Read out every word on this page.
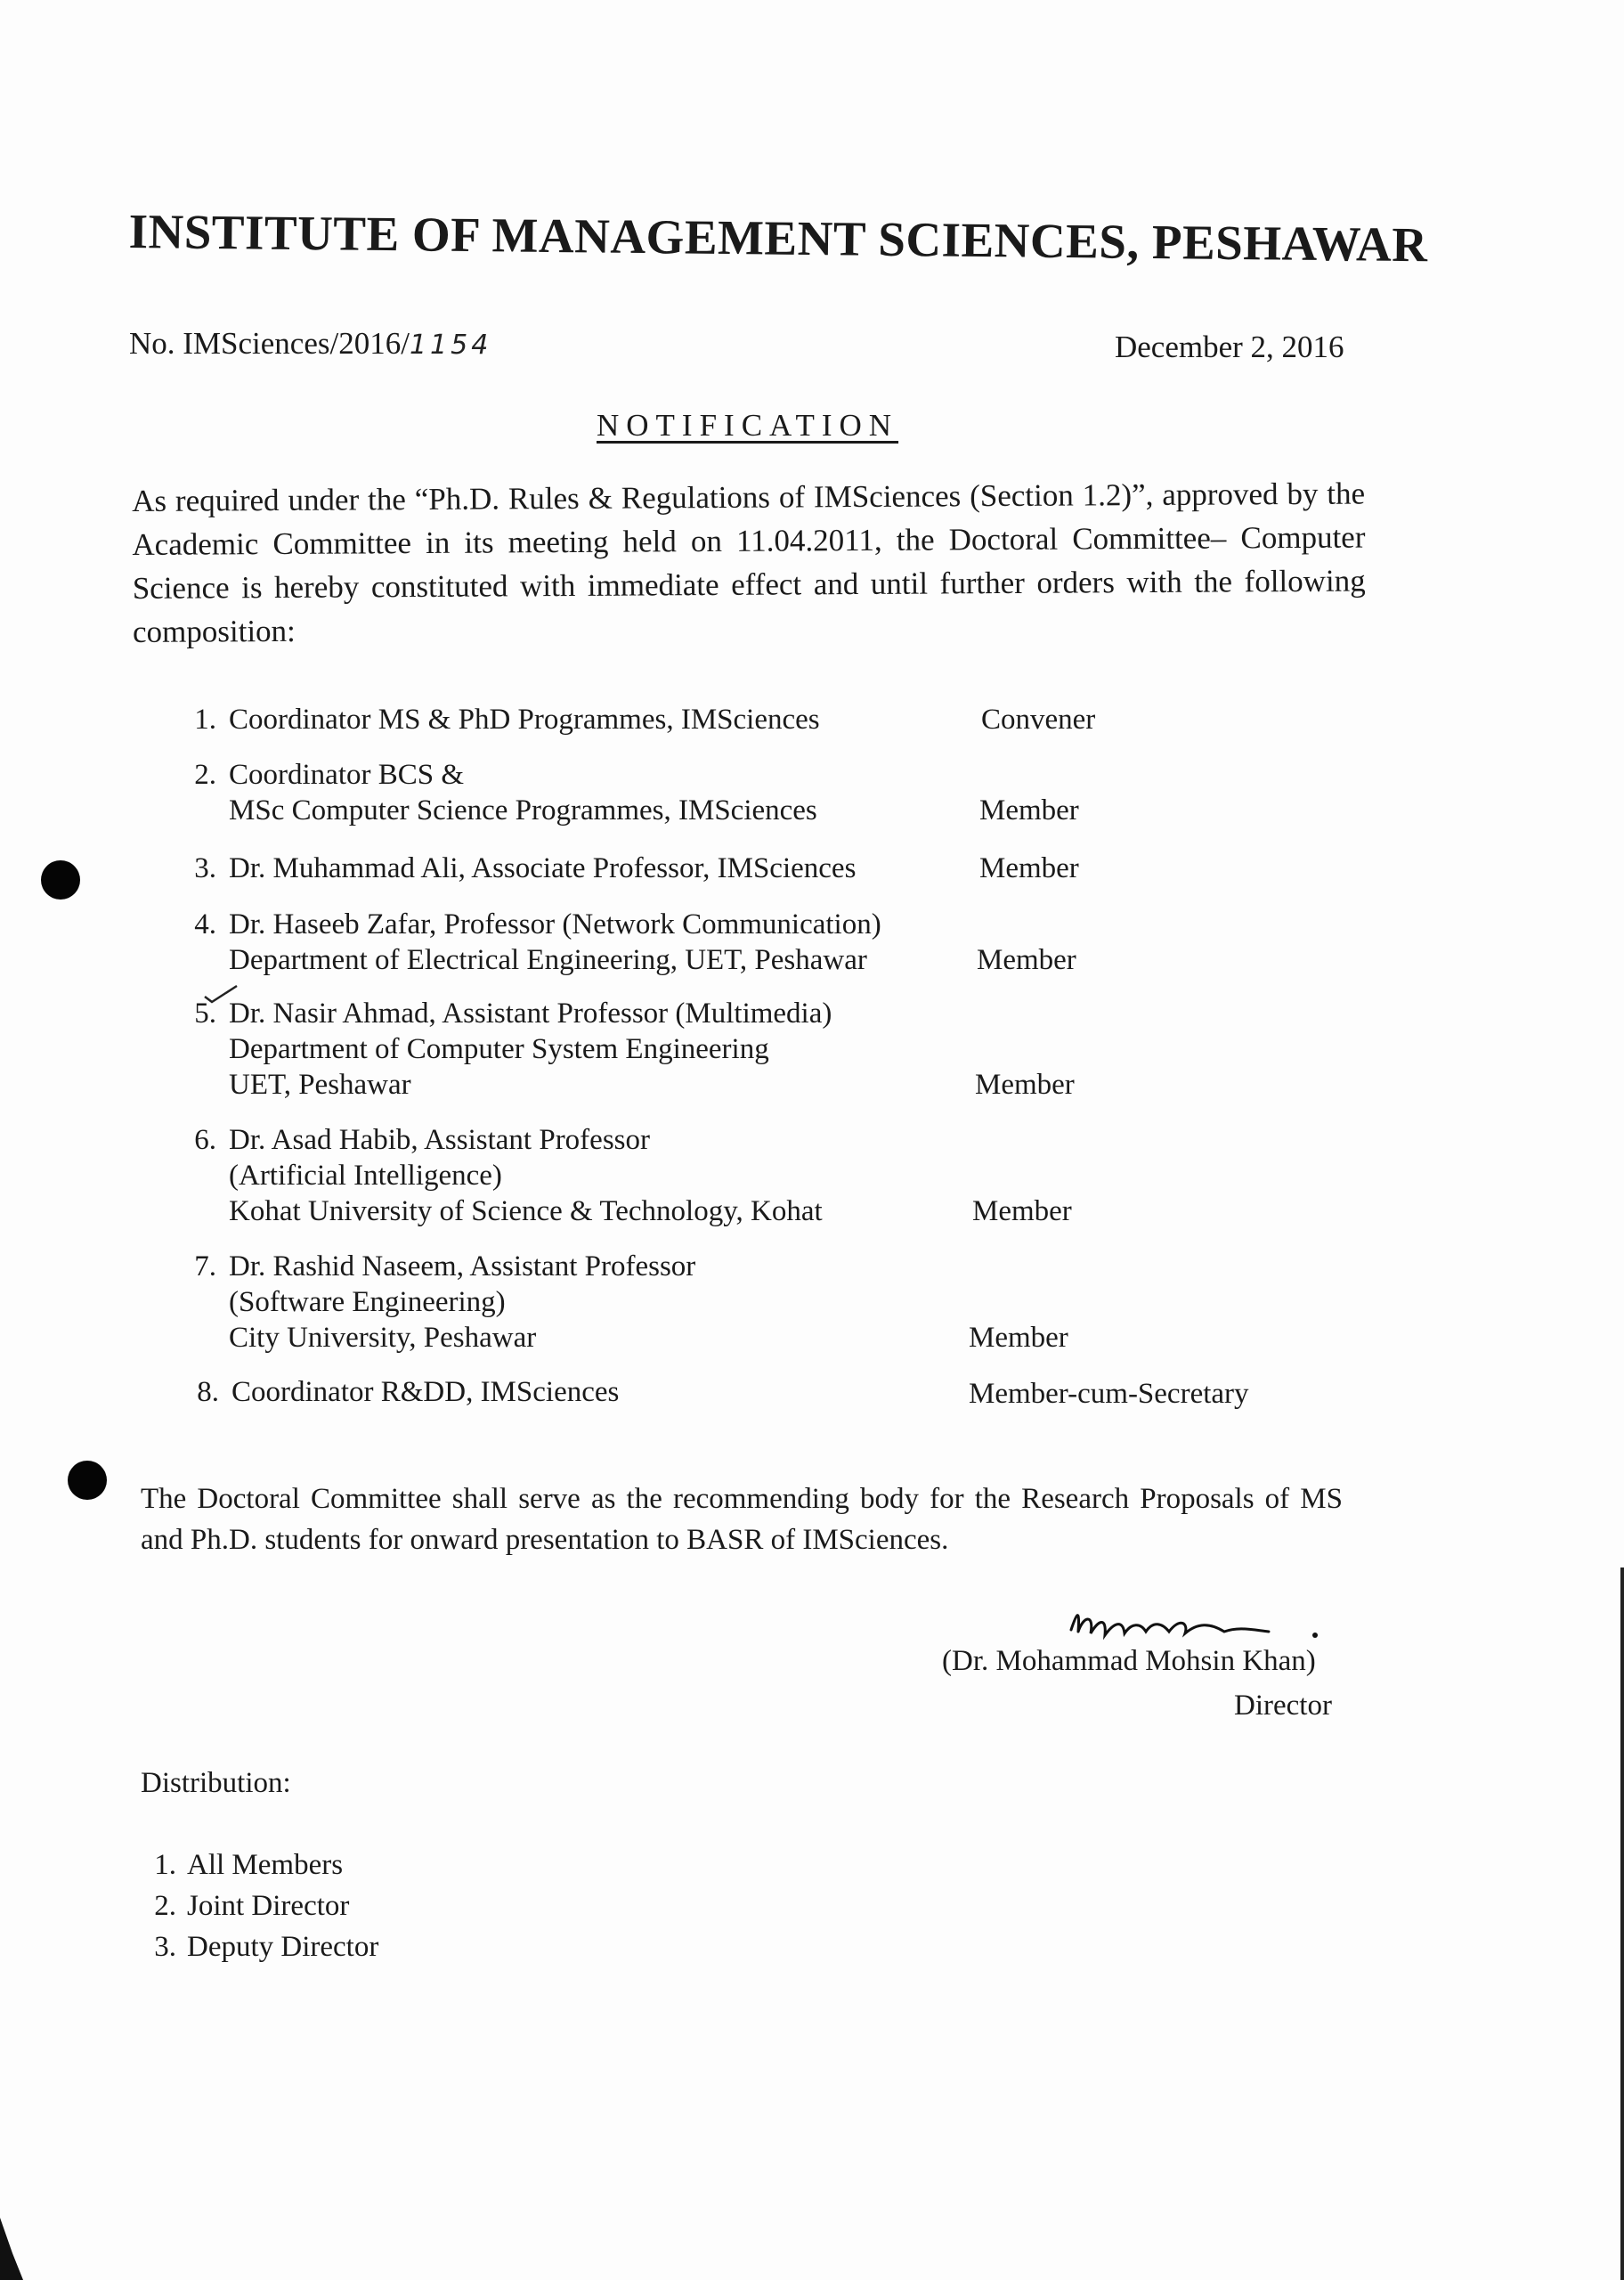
INSTITUTE OF MANAGEMENT SCIENCES, PESHAWAR
No. IMSciences/2016/1154	December 2, 2016
NOTIFICATION
As required under the “Ph.D. Rules & Regulations of IMSciences (Section 1.2)”, approved by the Academic Committee in its meeting held on 11.04.2011, the Doctoral Committee– Computer Science is hereby constituted with immediate effect and until further orders with the following composition:
1. Coordinator MS & PhD Programmes, IMSciences	Convener
2. Coordinator BCS &
MSc Computer Science Programmes, IMSciences	Member
3. Dr. Muhammad Ali, Associate Professor, IMSciences	Member
4. Dr. Haseeb Zafar, Professor (Network Communication)
Department of Electrical Engineering, UET, Peshawar	Member
5. Dr. Nasir Ahmad, Assistant Professor (Multimedia)
Department of Computer System Engineering
UET, Peshawar	Member
6. Dr. Asad Habib, Assistant Professor
(Artificial Intelligence)
Kohat University of Science & Technology, Kohat	Member
7. Dr. Rashid Naseem, Assistant Professor
(Software Engineering)
City University, Peshawar	Member
8. Coordinator R&DD, IMSciences	Member-cum-Secretary
The Doctoral Committee shall serve as the recommending body for the Research Proposals of MS and Ph.D. students for onward presentation to BASR of IMSciences.
(Dr. Mohammad Mohsin Khan)
Director
Distribution:
1. All Members
2. Joint Director
3. Deputy Director
